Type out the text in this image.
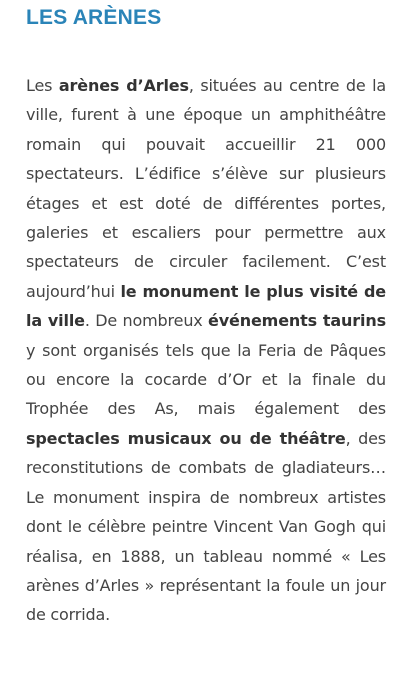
LES ARÈNES

Les arènes d’Arles, situées au centre de la ville, furent à une époque un amphithéâtre romain qui pouvait accueillir 21 000 spectateurs. L’édifice s’élève sur plusieurs étages et est doté de différentes portes, galeries et escaliers pour permettre aux spectateurs de circuler facilement. C’est aujourd’hui le monument le plus visité de la ville. De nombreux événements taurins y sont organisés tels que la Feria de Pâques ou encore la cocarde d’Or et la finale du Trophée des As, mais également des spectacles musicaux ou de théâtre, des reconstitutions de combats de gladiateurs… Le monument inspira de nombreux artistes dont le célèbre peintre Vincent Van Gogh qui réalisa, en 1888, un tableau nommé « Les arènes d’Arles » représentant la foule un jour de corrida.
